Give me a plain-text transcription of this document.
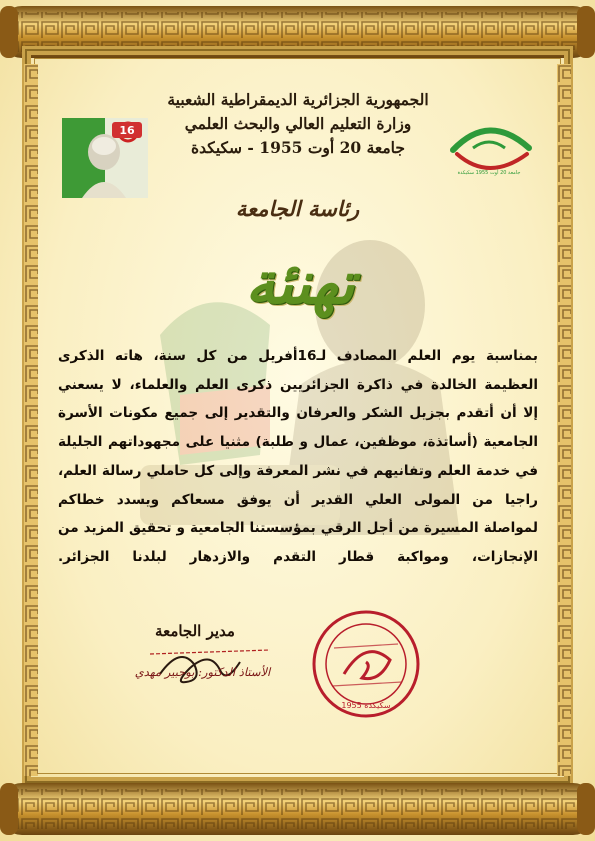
الجمهورية الجزائرية الديمقراطية الشعبية
وزارة التعليم العالي والبحث العلمي
جامعة 20 أوت 1955 - سكيكدة
16
جامعة 20 أوت 1955 سكيكدة
رئاسة الجامعة
تهنئة
بمناسبة يوم العلم المصادف لـ16أفريل من كل سنة، هاته الذكرى
العظيمة الخالدة في ذاكرة الجزائريين ذكرى العلم والعلماء، لا يسعني
إلا أن أتقدم بجزيل الشكر والعرفان والتقدير إلى جميع مكونات الأسرة
الجامعية (أساتذة، موظفين، عمال و طلبة) مثنيا على مجهوداتهم الجليلة
في خدمة العلم وتفانيهم في نشر المعرفة وإلى كل حاملي رسالة العلم،
راجيا من المولى العلي القدير أن يوفق مسعاكم ويسدد خطاكم
لمواصلة المسيرة من أجل الرقي بمؤسستنا الجامعية و تحقيق المزيد من
الإنجازات، ومواكبة قطار التقدم والازدهار لبلدنا الجزائر.
مدير الجامعة
الأستاذ الدكتور: بوجبير مهدي
سكيكدة 1955
